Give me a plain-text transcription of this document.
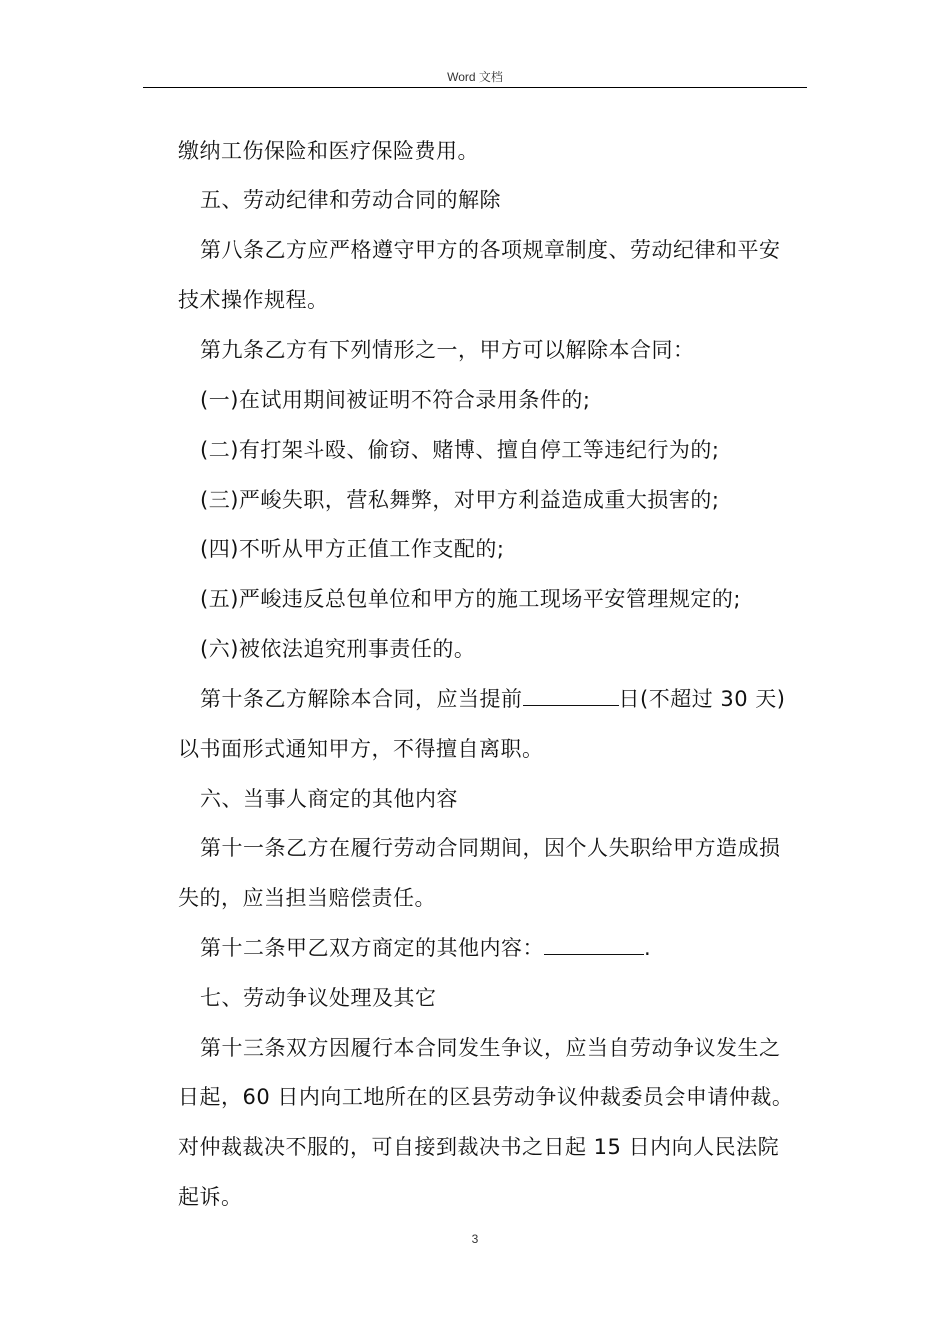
Word 文档
缴纳工伤保险和医疗保险费用。
五、劳动纪律和劳动合同的解除
第八条乙方应严格遵守甲方的各项规章制度、劳动纪律和平安
技术操作规程。
第九条乙方有下列情形之一，甲方可以解除本合同：
(一)在试用期间被证明不符合录用条件的;
(二)有打架斗殴、偷窃、赌博、擅自停工等违纪行为的;
(三)严峻失职，营私舞弊，对甲方利益造成重大损害的;
(四)不听从甲方正值工作支配的;
(五)严峻违反总包单位和甲方的施工现场平安管理规定的;
(六)被依法追究刑事责任的。
第十条乙方解除本合同，应当提前	日(不超过 30 天)
以书面形式通知甲方，不得擅自离职。
六、当事人商定的其他内容
第十一条乙方在履行劳动合同期间，因个人失职给甲方造成损
失的，应当担当赔偿责任。
第十二条甲乙双方商定的其他内容：	.
七、劳动争议处理及其它
第十三条双方因履行本合同发生争议，应当自劳动争议发生之
日起，60 日内向工地所在的区县劳动争议仲裁委员会申请仲裁。
对仲裁裁决不服的，可自接到裁决书之日起 15 日内向人民法院
起诉。
3
